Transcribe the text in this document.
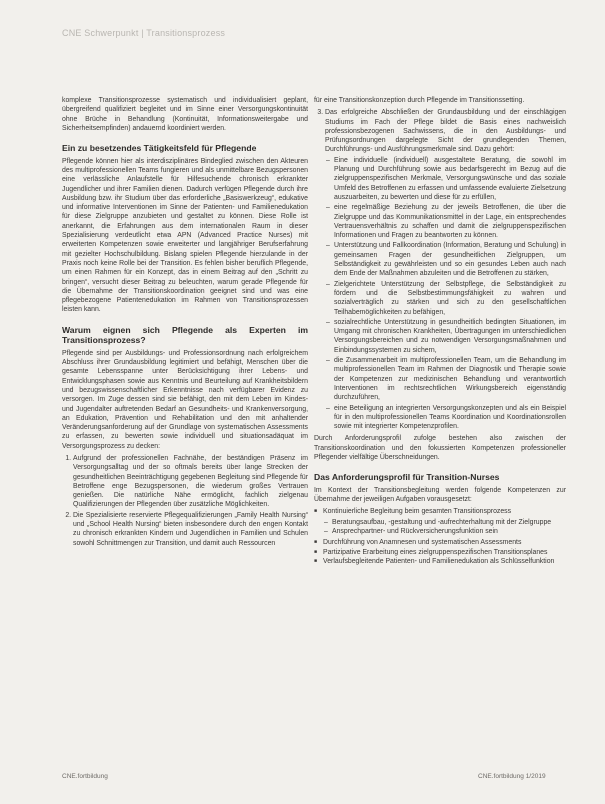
CNE Schwerpunkt | Transitionsprozess

komplexe Transitionsprozesse systematisch und individualisiert geplant, übergreifend qualifiziert begleitet und im Sinne einer Versorgungskontinuität ohne Brüche in Behandlung (Kontinuität, Informationsweitergabe und Sicherheitsempfinden) andauernd koordiniert werden.

Ein zu besetzendes Tätigkeitsfeld für Pflegende

Pflegende können hier als interdisziplinäres Bindeglied zwischen den Akteuren des multiprofessionellen Teams fungieren und als unmittelbare Bezugspersonen eine verlässliche Anlaufstelle für Hilfesuchende chronisch erkrankter Jugendlicher und ihrer Familien dienen. Dadurch verfügen Pflegende durch ihre Ausbildung bzw. ihr Studium über das erforderliche „Basiswerkzeug“, edukative und informative Interventionen im Sinne der Patienten- und Familienedukation für diese Zielgruppe anzubieten und gestaltet zu können. Diese Rolle ist anerkannt, die Erfahrungen aus dem internationalen Raum in dieser Spezialisierung verdeutlicht etwa APN (Advanced Practice Nurses) mit erweiterten Kompetenzen sowie erweiterter und langjähriger Berufserfahrung mit gezielter Hochschulbildung. Bislang spielen Pflegende hierzulande in der Praxis noch keine Rolle bei der Transition. Es fehlen bisher beruflich Pflegende, um einen Rahmen für ein Konzept, das in einem Beitrag auf den „Schritt zu bringen“, versucht dieser Beitrag zu beleuchten, warum gerade Pflegende für die Übernahme der Transitionskoordination geeignet sind und was eine pflegebezogene Patientenedukation im Rahmen von Transitionsprozessen leisten kann.

Warum eignen sich Pflegende als Experten im Transitionsprozess?

Pflegende sind per Ausbildungs- und Professionsordnung nach erfolgreichem Abschluss ihrer Grundausbildung legitimiert und befähigt, Menschen über die gesamte Lebensspanne unter Berücksichtigung ihrer Lebens- und Entwicklungsphasen sowie aus Kenntnis und Beurteilung auf Krankheitsbildern und bezugswissenschaftlicher Erkenntnisse nach verfügbarer Evidenz zu versorgen. Im Zuge dessen sind sie befähigt, den mit dem Leben im Kindes- und Jugendalter auftretenden Bedarf an Gesundheits- und Krankenversorgung, an Edukation, Prävention und Rehabilitation und den mit anhaltender Veränderungsanforderung auf der Grundlage von systematischen Assessments zu erfassen, zu bewerten sowie individuell und situationsadäquat im Versorgungsprozess zu decken:

1. Aufgrund der professionellen Fachnähe, der beständigen Präsenz im Versorgungsalltag und der so oftmals bereits über lange Strecken der gesundheitlichen Beeinträchtigung gegebenen Begleitung sind Pflegende für Betroffene enge Bezugspersonen, die wiederum großes Vertrauen genießen. Die natürliche Nähe ermöglicht, fachlich zielgenau Qualifizierungen der Pflegenden über zusätzliche Möglichkeiten.
2. Die Spezialisierte reservierte Pflegequalifizierungen „Family Health Nursing“ und „School Health Nursing“ bieten insbesondere durch den engen Kontakt zu chronisch erkrankten Kindern und Jugendlichen in Familien und Schulen sowohl Schnittmengen zur Transition, und damit auch Ressourcen

für eine Transitionskonzeption durch Pflegende im Transitionssetting.

3. Das erfolgreiche Abschließen der Grundausbildung und der einschlägigen Studiums im Fach der Pflege bildet die Basis eines nachweislich professionsbezogenen Sachwissens, die in den Ausbildungs- und Prüfungsordnungen dargelegte Sicht der grundlegenden Themen, Durchführungs- und Ausführungsmerkmale sind. Dazu gehört:
– Eine individuelle (individuell) ausgestaltete Beratung, die sowohl im Planung und Durchführung sowie aus bedarfsgerecht im Bezug auf die zielgruppenspezifischen Merkmale, Versorgungswünsche und das soziale Umfeld des Betroffenen zu erfassen und umfassende evaluierte Zielsetzung auszuarbeiten, zu bewerten und diese für zu erfüllen,
– eine regelmäßige Beziehung zu der jeweils Betroffenen, die über die Zielgruppe und das Kommunikationsmittel in der Lage, ein entsprechendes Vertrauensverhältnis zu schaffen und damit die zielgruppenspezifischen Informationen und Fragen zu beantworten zu können.
– Unterstützung und Fallkoordination (Information, Beratung und Schulung) in gemeinsamen Fragen der gesundheitlichen Zielgruppen, um Selbständigkeit zu gewährleisten und so ein gesundes Leben auch nach dem Ende der Maßnahmen abzuleiten und die Betroffenen zu stärken,
– Zielgerichtete Unterstützung der Selbstpflege, die Selbständigkeit zu fördern und die Selbstbestimmungsfähigkeit zu wahren und sozialverträglich zu stärken und sich zu den gesellschaftlichen Teilhabemöglichkeiten zu befähigen,
– sozialrechtliche Unterstützung in gesundheitlich bedingten Situationen, im Umgang mit chronischen Krankheiten, Übertragungen im unterschiedlichen Versorgungsbereichen und zu notwendigen Versorgungsmaßnahmen und Einbindungssystemen zu sichern,
– die Zusammenarbeit im multiprofessionellen Team, um die Behandlung im multiprofessionellen Team im Rahmen der Diagnostik und Therapie sowie der Kompetenzen zur medizinischen Behandlung und verantwortlich Interventionen im rechtsrechtlichen Wirkungsbereich eigenständig durchzuführen,
– eine Beteiligung an integrierten Versorgungskonzepten und als ein Beispiel für in den multiprofessionellen Teams Koordination und Koordinationsrollen sowie mit integrierter Kompetenzprofilen.

Durch Anforderungsprofil zufolge bestehen also zwischen der Transitionskoordination und den fokussierten Kompetenzen professioneller Pflegender vielfältige Überschneidungen.

Das Anforderungsprofil für Transition-Nurses

Im Kontext der Transitionsbegleitung werden folgende Kompetenzen zur Übernahme der jeweiligen Aufgaben vorausgesetzt:

■ Kontinuierliche Begleitung beim gesamten Transitionsprozess
– Beratungsaufbau, -gestaltung und -aufrechterhaltung mit der Zielgruppe
– Ansprechpartner- und Rückversicherungsfunktion sein
■ Durchführung von Anamnesen und systematischen Assessments
■ Partizipative Erarbeitung eines zielgruppenspezifischen Transitionsplanes
■ Verlaufsbegleitende Patienten- und Familienedukation als Schlüsselfunktion
CNE.fortbildung	CNE.fortbildung 1/2019
